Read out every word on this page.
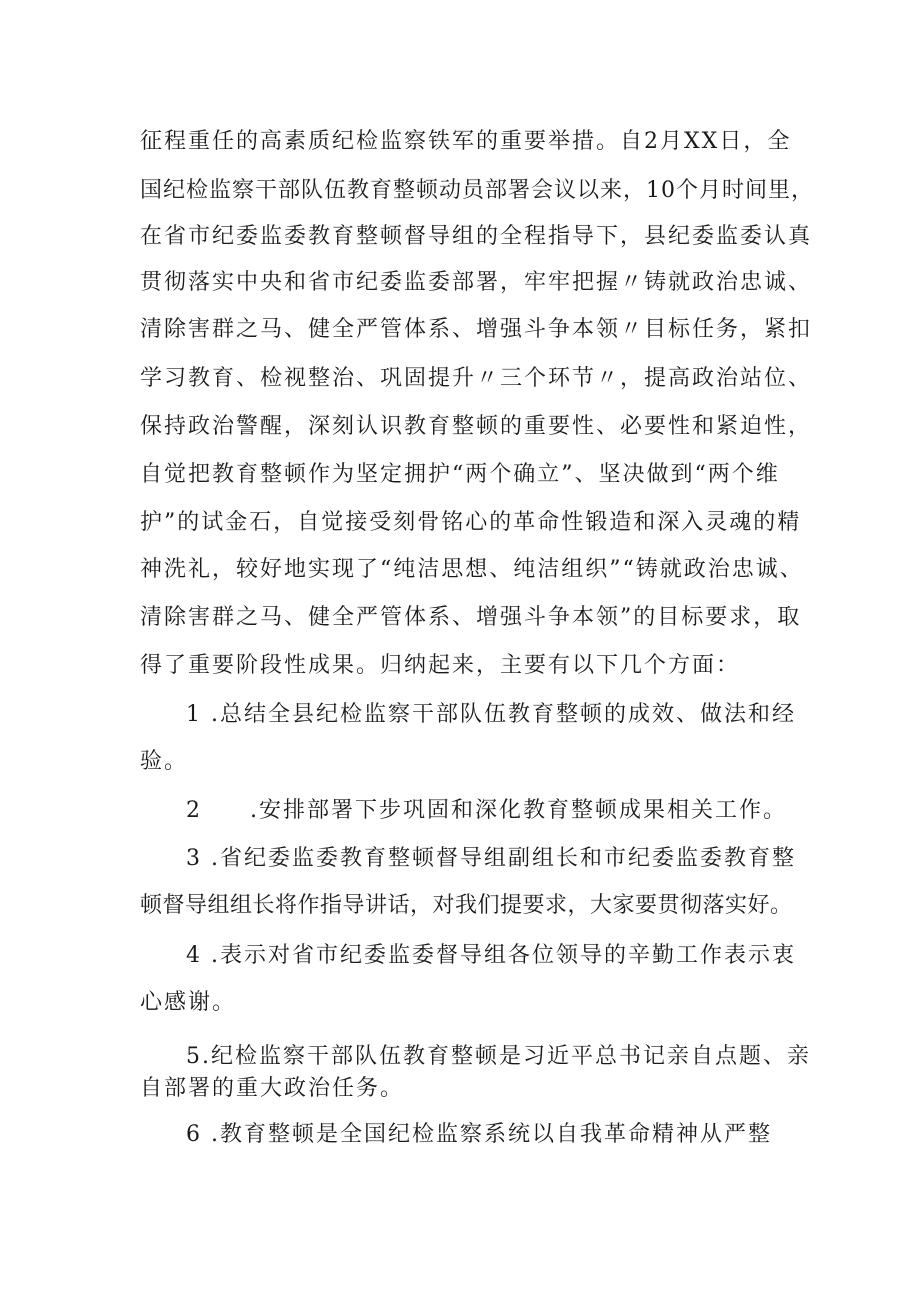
征程重任的高素质纪检监察铁军的重要举措。自2月XX日，全
国纪检监察干部队伍教育整顿动员部署会议以来，10个月时间里，
在省市纪委监委教育整顿督导组的全程指导下，县纪委监委认真
贯彻落实中央和省市纪委监委部署，牢牢把握〃铸就政治忠诚、
清除害群之马、健全严管体系、增强斗争本领〃目标任务，紧扣
学习教育、检视整治、巩固提升〃三个环节〃，提高政治站位、
保持政治警醒，深刻认识教育整顿的重要性、必要性和紧迫性，
自觉把教育整顿作为坚定拥护“两个确立”、坚决做到“两个维
护”的试金石，自觉接受刻骨铭心的革命性锻造和深入灵魂的精
神洗礼，较好地实现了“纯洁思想、纯洁组织”“铸就政治忠诚、
清除害群之马、健全严管体系、增强斗争本领”的目标要求，取
得了重要阶段性成果。归纳起来，主要有以下几个方面：
1 .总结全县纪检监察干部队伍教育整顿的成效、做法和经
验。
2　　.安排部署下步巩固和深化教育整顿成果相关工作。
3 .省纪委监委教育整顿督导组副组长和市纪委监委教育整
顿督导组组长将作指导讲话，对我们提要求，大家要贯彻落实好。
4 .表示对省市纪委监委督导组各位领导的辛勤工作表示衷
心感谢。
5.纪检监察干部队伍教育整顿是习近平总书记亲自点题、亲
自部署的重大政治任务。
6 .教育整顿是全国纪检监察系统以自我革命精神从严整
